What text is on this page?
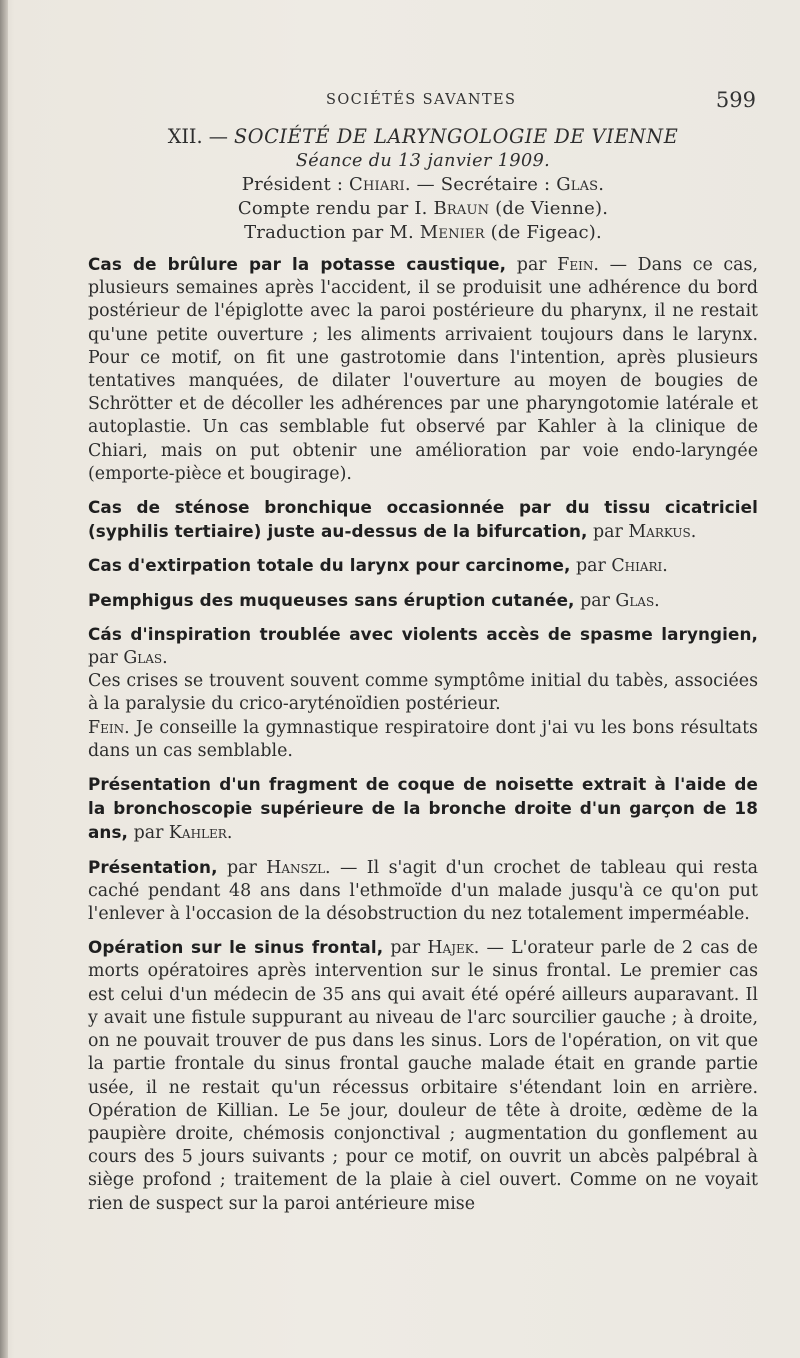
SOCIÉTÉS SAVANTES	599
XII. — SOCIÉTÉ DE LARYNGOLOGIE DE VIENNE
Séance du 13 janvier 1909.
Président : Chiari. — Secrétaire : Glas.
Compte rendu par I. Braun (de Vienne).
Traduction par M. Menier (de Figeac).

Cas de brûlure par la potasse caustique, par Fein. — Dans ce cas, plusieurs semaines après l'accident, il se produisit une adhérence du bord postérieur de l'épiglotte avec la paroi postérieure du pharynx, il ne restait qu'une petite ouverture ; les aliments arrivaient toujours dans le larynx. Pour ce motif, on fit une gastrotomie dans l'intention, après plusieurs tentatives manquées, de dilater l'ouverture au moyen de bougies de Schrötter et de décoller les adhérences par une pharyngotomie latérale et autoplastie. Un cas semblable fut observé par Kahler à la clinique de Chiari, mais on put obtenir une amélioration par voie endo-laryngée (emporte-pièce et bougirage).

Cas de sténose bronchique occasionnée par du tissu cicatriciel (syphilis tertiaire) juste au-dessus de la bifurcation, par Markus.

Cas d'extirpation totale du larynx pour carcinome, par Chiari.

Pemphigus des muqueuses sans éruption cutanée, par Glas.

Cás d'inspiration troublée avec violents accès de spasme laryngien, par Glas.

Ces crises se trouvent souvent comme symptôme initial du tabès, associées à la paralysie du crico-aryténoïdien postérieur.

Fein. Je conseille la gymnastique respiratoire dont j'ai vu les bons résultats dans un cas semblable.

Présentation d'un fragment de coque de noisette extrait à l'aide de la bronchoscopie supérieure de la bronche droite d'un garçon de 18 ans, par Kahler.

Présentation, par Hanszl. — Il s'agit d'un crochet de tableau qui resta caché pendant 48 ans dans l'ethmoïde d'un malade jusqu'à ce qu'on put l'enlever à l'occasion de la désobstruction du nez totalement imperméable.

Opération sur le sinus frontal, par Hajek. — L'orateur parle de 2 cas de morts opératoires après intervention sur le sinus frontal. Le premier cas est celui d'un médecin de 35 ans qui avait été opéré ailleurs auparavant. Il y avait une fistule suppurant au niveau de l'arc sourcilier gauche ; à droite, on ne pouvait trouver de pus dans les sinus. Lors de l'opération, on vit que la partie frontale du sinus frontal gauche malade était en grande partie usée, il ne restait qu'un récessus orbitaire s'étendant loin en arrière. Opération de Killian. Le 5e jour, douleur de tête à droite, œdème de la paupière droite, chémosis conjonctival ; augmentation du gonflement au cours des 5 jours suivants ; pour ce motif, on ouvrit un abcès palpébral à siège profond ; traitement de la plaie à ciel ouvert. Comme on ne voyait rien de suspect sur la paroi antérieure mise
